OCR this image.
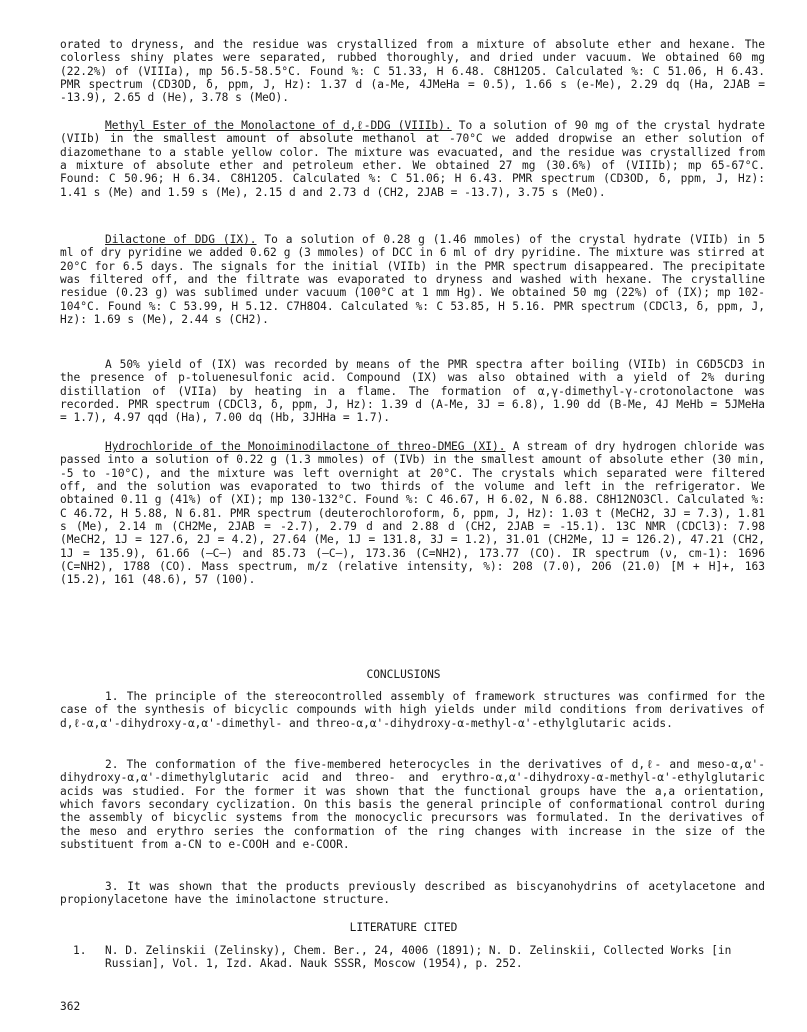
orated to dryness, and the residue was crystallized from a mixture of absolute ether and hexane. The colorless shiny plates were separated, rubbed thoroughly, and dried under vacuum. We obtained 60 mg (22.2%) of (VIIIa), mp 56.5-58.5°C. Found %: C 51.33, H 6.48. C8H12O5. Calculated %: C 51.06, H 6.43. PMR spectrum (CD3OD, δ, ppm, J, Hz): 1.37 d (a-Me, 4JMeHa = 0.5), 1.66 s (e-Me), 2.29 dq (Ha, 2JAB = -13.9), 2.65 d (He), 3.78 s (MeO).

Methyl Ester of the Monolactone of d,ℓ-DDG (VIIIb). To a solution of 90 mg of the crystal hydrate (VIIb) in the smallest amount of absolute methanol at -70°C we added dropwise an ether solution of diazomethane to a stable yellow color. The mixture was evacuated, and the residue was crystallized from a mixture of absolute ether and petroleum ether. We obtained 27 mg (30.6%) of (VIIIb); mp 65-67°C. Found: C 50.96; H 6.34. C8H12O5. Calculated %: C 51.06; H 6.43. PMR spectrum (CD3OD, δ, ppm, J, Hz): 1.41 s (Me) and 1.59 s (Me), 2.15 d and 2.73 d (CH2, 2JAB = -13.7), 3.75 s (MeO).

Dilactone of DDG (IX). To a solution of 0.28 g (1.46 mmoles) of the crystal hydrate (VIIb) in 5 ml of dry pyridine we added 0.62 g (3 mmoles) of DCC in 6 ml of dry pyridine. The mixture was stirred at 20°C for 6.5 days. The signals for the initial (VIIb) in the PMR spectrum disappeared. The precipitate was filtered off, and the filtrate was evaporated to dryness and washed with hexane. The crystalline residue (0.23 g) was sublimed under vacuum (100°C at 1 mm Hg). We obtained 50 mg (22%) of (IX); mp 102-104°C. Found %: C 53.99, H 5.12. C7H8O4. Calculated %: C 53.85, H 5.16. PMR spectrum (CDCl3, δ, ppm, J, Hz): 1.69 s (Me), 2.44 s (CH2).

A 50% yield of (IX) was recorded by means of the PMR spectra after boiling (VIIb) in C6D5CD3 in the presence of p-toluenesulfonic acid. Compound (IX) was also obtained with a yield of 2% during distillation of (VIIa) by heating in a flame. The formation of α,γ-dimethyl-γ-crotonolactone was recorded. PMR spectrum (CDCl3, δ, ppm, J, Hz): 1.39 d (A-Me, 3J = 6.8), 1.90 dd (B-Me, 4J MeHb = 5JMeHa = 1.7), 4.97 qqd (Ha), 7.00 dq (Hb, 3JHHa = 1.7).

Hydrochloride of the Monoiminodilactone of threo-DMEG (XI). A stream of dry hydrogen chloride was passed into a solution of 0.22 g (1.3 mmoles) of (IVb) in the smallest amount of absolute ether (30 min, -5 to -10°C), and the mixture was left overnight at 20°C. The crystals which separated were filtered off, and the solution was evaporated to two thirds of the volume and left in the refrigerator. We obtained 0.11 g (41%) of (XI); mp 130-132°C. Found %: C 46.67, H 6.02, N 6.88. C8H12NO3Cl. Calculated %: C 46.72, H 5.88, N 6.81. PMR spectrum (deuterochloroform, δ, ppm, J, Hz): 1.03 t (MeCH2, 3J = 7.3), 1.81 s (Me), 2.14 m (CH2Me, 2JAB = -2.7), 2.79 d and 2.88 d (CH2, 2JAB = -15.1). 13C NMR (CDCl3): 7.98 (MeCH2, 1J = 127.6, 2J = 4.2), 27.64 (Me, 1J = 131.8, 3J = 1.2), 31.01 (CH2Me, 1J = 126.2), 47.21 (CH2, 1J = 135.9), 61.66 (—C—) and 85.73 (—C—), 173.36 (C=NH2), 173.77 (CO). IR spectrum (ν, cm-1): 1696 (C=NH2), 1788 (CO). Mass spectrum, m/z (relative intensity, %): 208 (7.0), 206 (21.0) [M + H]+, 163 (15.2), 161 (48.6), 57 (100).

CONCLUSIONS

1. The principle of the stereocontrolled assembly of framework structures was confirmed for the case of the synthesis of bicyclic compounds with high yields under mild conditions from derivatives of d,ℓ-α,α'-dihydroxy-α,α'-dimethyl- and threo-α,α'-dihydroxy-α-methyl-α'-ethylglutaric acids.

2. The conformation of the five-membered heterocycles in the derivatives of d,ℓ- and meso-α,α'-dihydroxy-α,α'-dimethylglutaric acid and threo- and erythro-α,α'-dihydroxy-α-methyl-α'-ethylglutaric acids was studied. For the former it was shown that the functional groups have the a,a orientation, which favors secondary cyclization. On this basis the general principle of conformational control during the assembly of bicyclic systems from the monocyclic precursors was formulated. In the derivatives of the meso and erythro series the conformation of the ring changes with increase in the size of the substituent from a-CN to e-COOH and e-COOR.

3. It was shown that the products previously described as biscyanohydrins of acetylacetone and propionylacetone have the iminolactone structure.

LITERATURE CITED
1. N. D. Zelinskii (Zelinsky), Chem. Ber., 24, 4006 (1891); N. D. Zelinskii, Collected Works [in Russian], Vol. 1, Izd. Akad. Nauk SSSR, Moscow (1954), p. 252.
362
